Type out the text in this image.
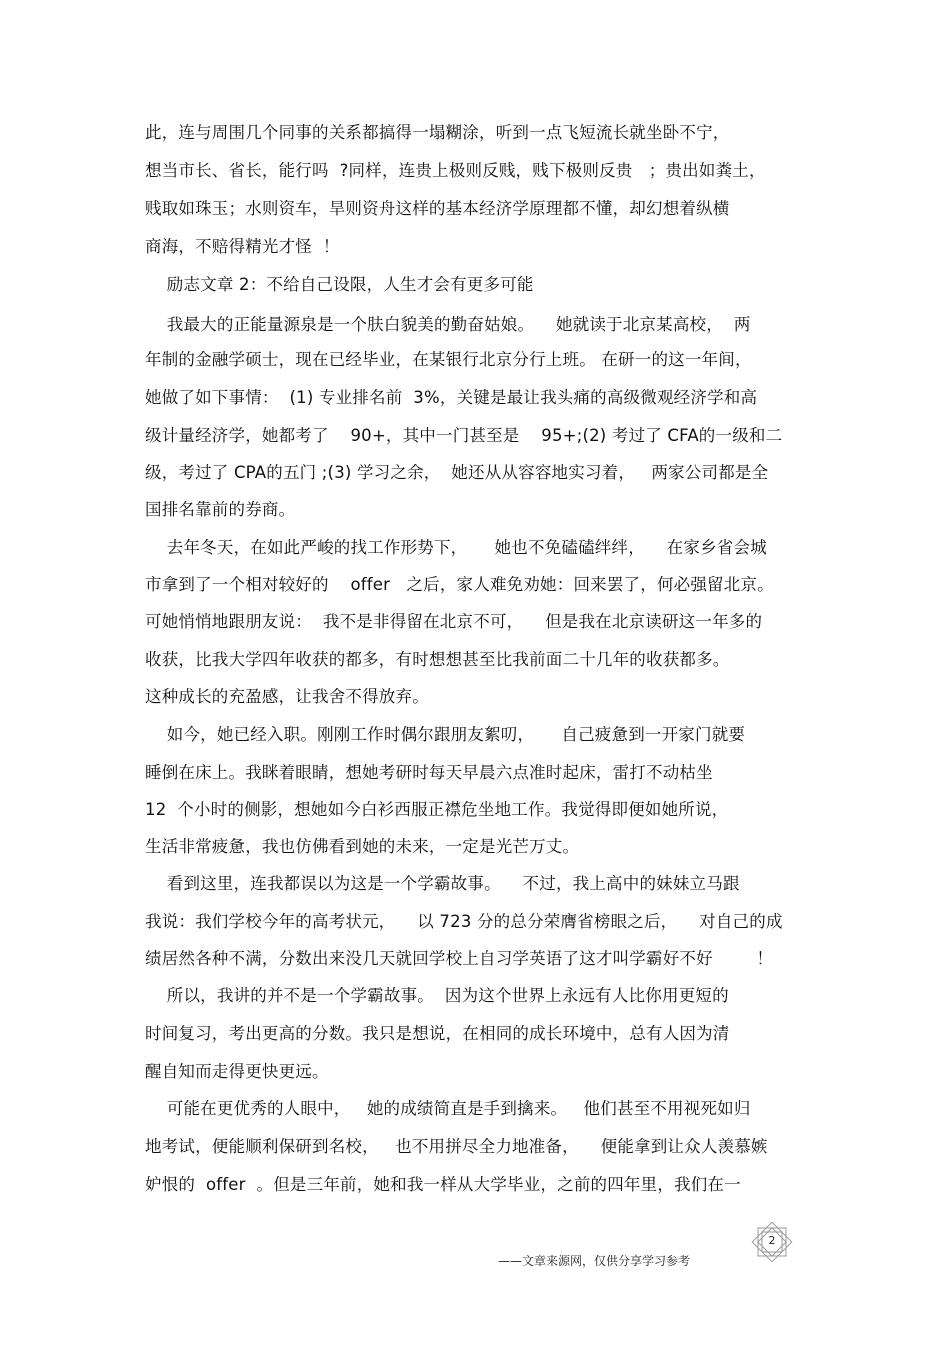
此，连与周围几个同事的关系都搞得一塌糊涂，听到一点飞短流长就坐卧不宁，
想当市长、省长，能行吗  ?同样，连贵上极则反贱，贱下极则反贵   ；贵出如粪土，
贱取如珠玉；水则资车，旱则资舟这样的基本经济学原理都不懂，却幻想着纵横
商海，不赔得精光才怪  ！
励志文章 2：不给自己设限，人生才会有更多可能
我最大的正能量源泉是一个肤白貌美的勤奋姑娘。    她就读于北京某高校，  两
年制的金融学硕士，现在已经毕业，在某银行北京分行上班。 在研一的这一年间，
她做了如下事情：  (1) 专业排名前  3%，关键是最让我头痛的高级微观经济学和高
级计量经济学，她都考了    90+，其中一门甚至是    95+;(2) 考过了 CFA的一级和二
级，考过了 CPA的五门 ;(3) 学习之余，  她还从从容容地实习着，   两家公司都是全
国排名靠前的券商。
去年冬天，在如此严峻的找工作形势下，     她也不免磕磕绊绊，    在家乡省会城
市拿到了一个相对较好的    offer   之后，家人难免劝她：回来罢了，何必强留北京。
可她悄悄地跟朋友说：  我不是非得留在北京不可，    但是我在北京读研这一年多的
收获，比我大学四年收获的都多，有时想想甚至比我前面二十几年的收获都多。
这种成长的充盈感，让我舍不得放弃。
如今，她已经入职。刚刚工作时偶尔跟朋友絮叨，     自己疲惫到一开家门就要
睡倒在床上。我眯着眼睛，想她考研时每天早晨六点准时起床，雷打不动枯坐
12  个小时的侧影，想她如今白衫西服正襟危坐地工作。我觉得即便如她所说，
生活非常疲惫，我也仿佛看到她的未来，一定是光芒万丈。
看到这里，连我都误以为这是一个学霸故事。    不过，我上高中的妹妹立马跟
我说：我们学校今年的高考状元，    以 723 分的总分荣膺省榜眼之后，    对自己的成
绩居然各种不满，分数出来没几天就回学校上自习学英语了这才叫学霸好不好        ！
所以，我讲的并不是一个学霸故事。  因为这个世界上永远有人比你用更短的
时间复习，考出更高的分数。我只是想说，在相同的成长环境中，总有人因为清
醒自知而走得更快更远。
可能在更优秀的人眼中，   她的成绩简直是手到擒来。   他们甚至不用视死如归
地考试，便能顺利保研到名校，   也不用拼尽全力地准备，    便能拿到让众人羡慕嫉
妒恨的  offer  。但是三年前，她和我一样从大学毕业，之前的四年里，我们在一
——文章来源网，仅供分享学习参考
2
